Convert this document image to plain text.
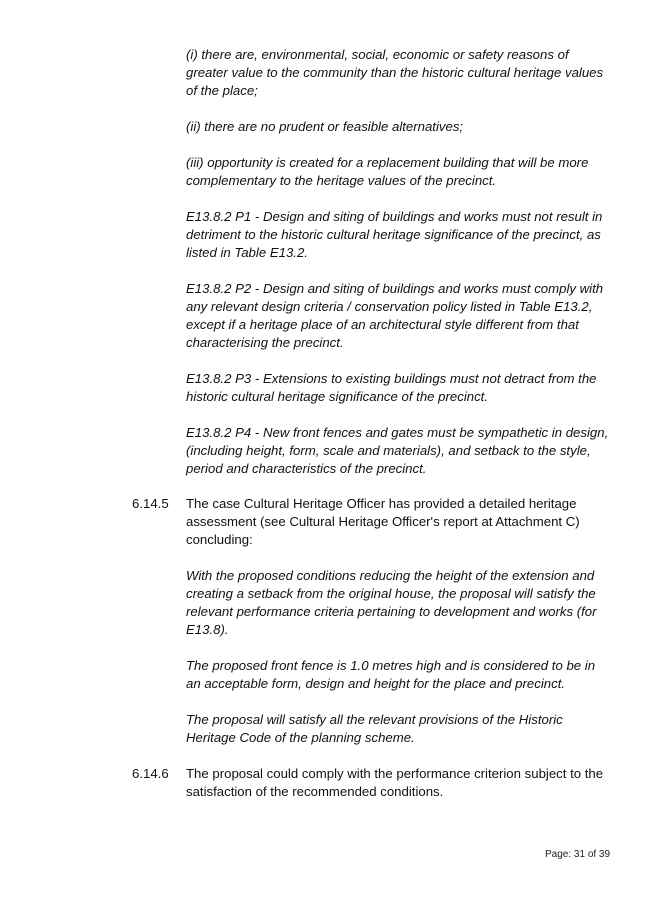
(i) there are, environmental, social, economic or safety reasons of greater value to the community than the historic cultural heritage values of the place;
(ii) there are no prudent or feasible alternatives;
(iii) opportunity is created for a replacement building that will be more complementary to the heritage values of the precinct.
E13.8.2 P1 - Design and siting of buildings and works must not result in detriment to the historic cultural heritage significance of the precinct, as listed in Table E13.2.
E13.8.2 P2 - Design and siting of buildings and works must comply with any relevant design criteria / conservation policy listed in Table E13.2, except if a heritage place of an architectural style different from that characterising the precinct.
E13.8.2 P3 - Extensions to existing buildings must not detract from the historic cultural heritage significance of the precinct.
E13.8.2 P4 - New front fences and gates must be sympathetic in design, (including height, form, scale and materials), and setback to the style, period and characteristics of the precinct.
6.14.5 The case Cultural Heritage Officer has provided a detailed heritage assessment (see Cultural Heritage Officer's report at Attachment C) concluding:
With the proposed conditions reducing the height of the extension and creating a setback from the original house, the proposal will satisfy the relevant performance criteria pertaining to development and works (for E13.8).
The proposed front fence is 1.0 metres high and is considered to be in an acceptable form, design and height for the place and precinct.
The proposal will satisfy all the relevant provisions of the Historic Heritage Code of the planning scheme.
6.14.6 The proposal could comply with the performance criterion subject to the satisfaction of the recommended conditions.
Page: 31 of 39
